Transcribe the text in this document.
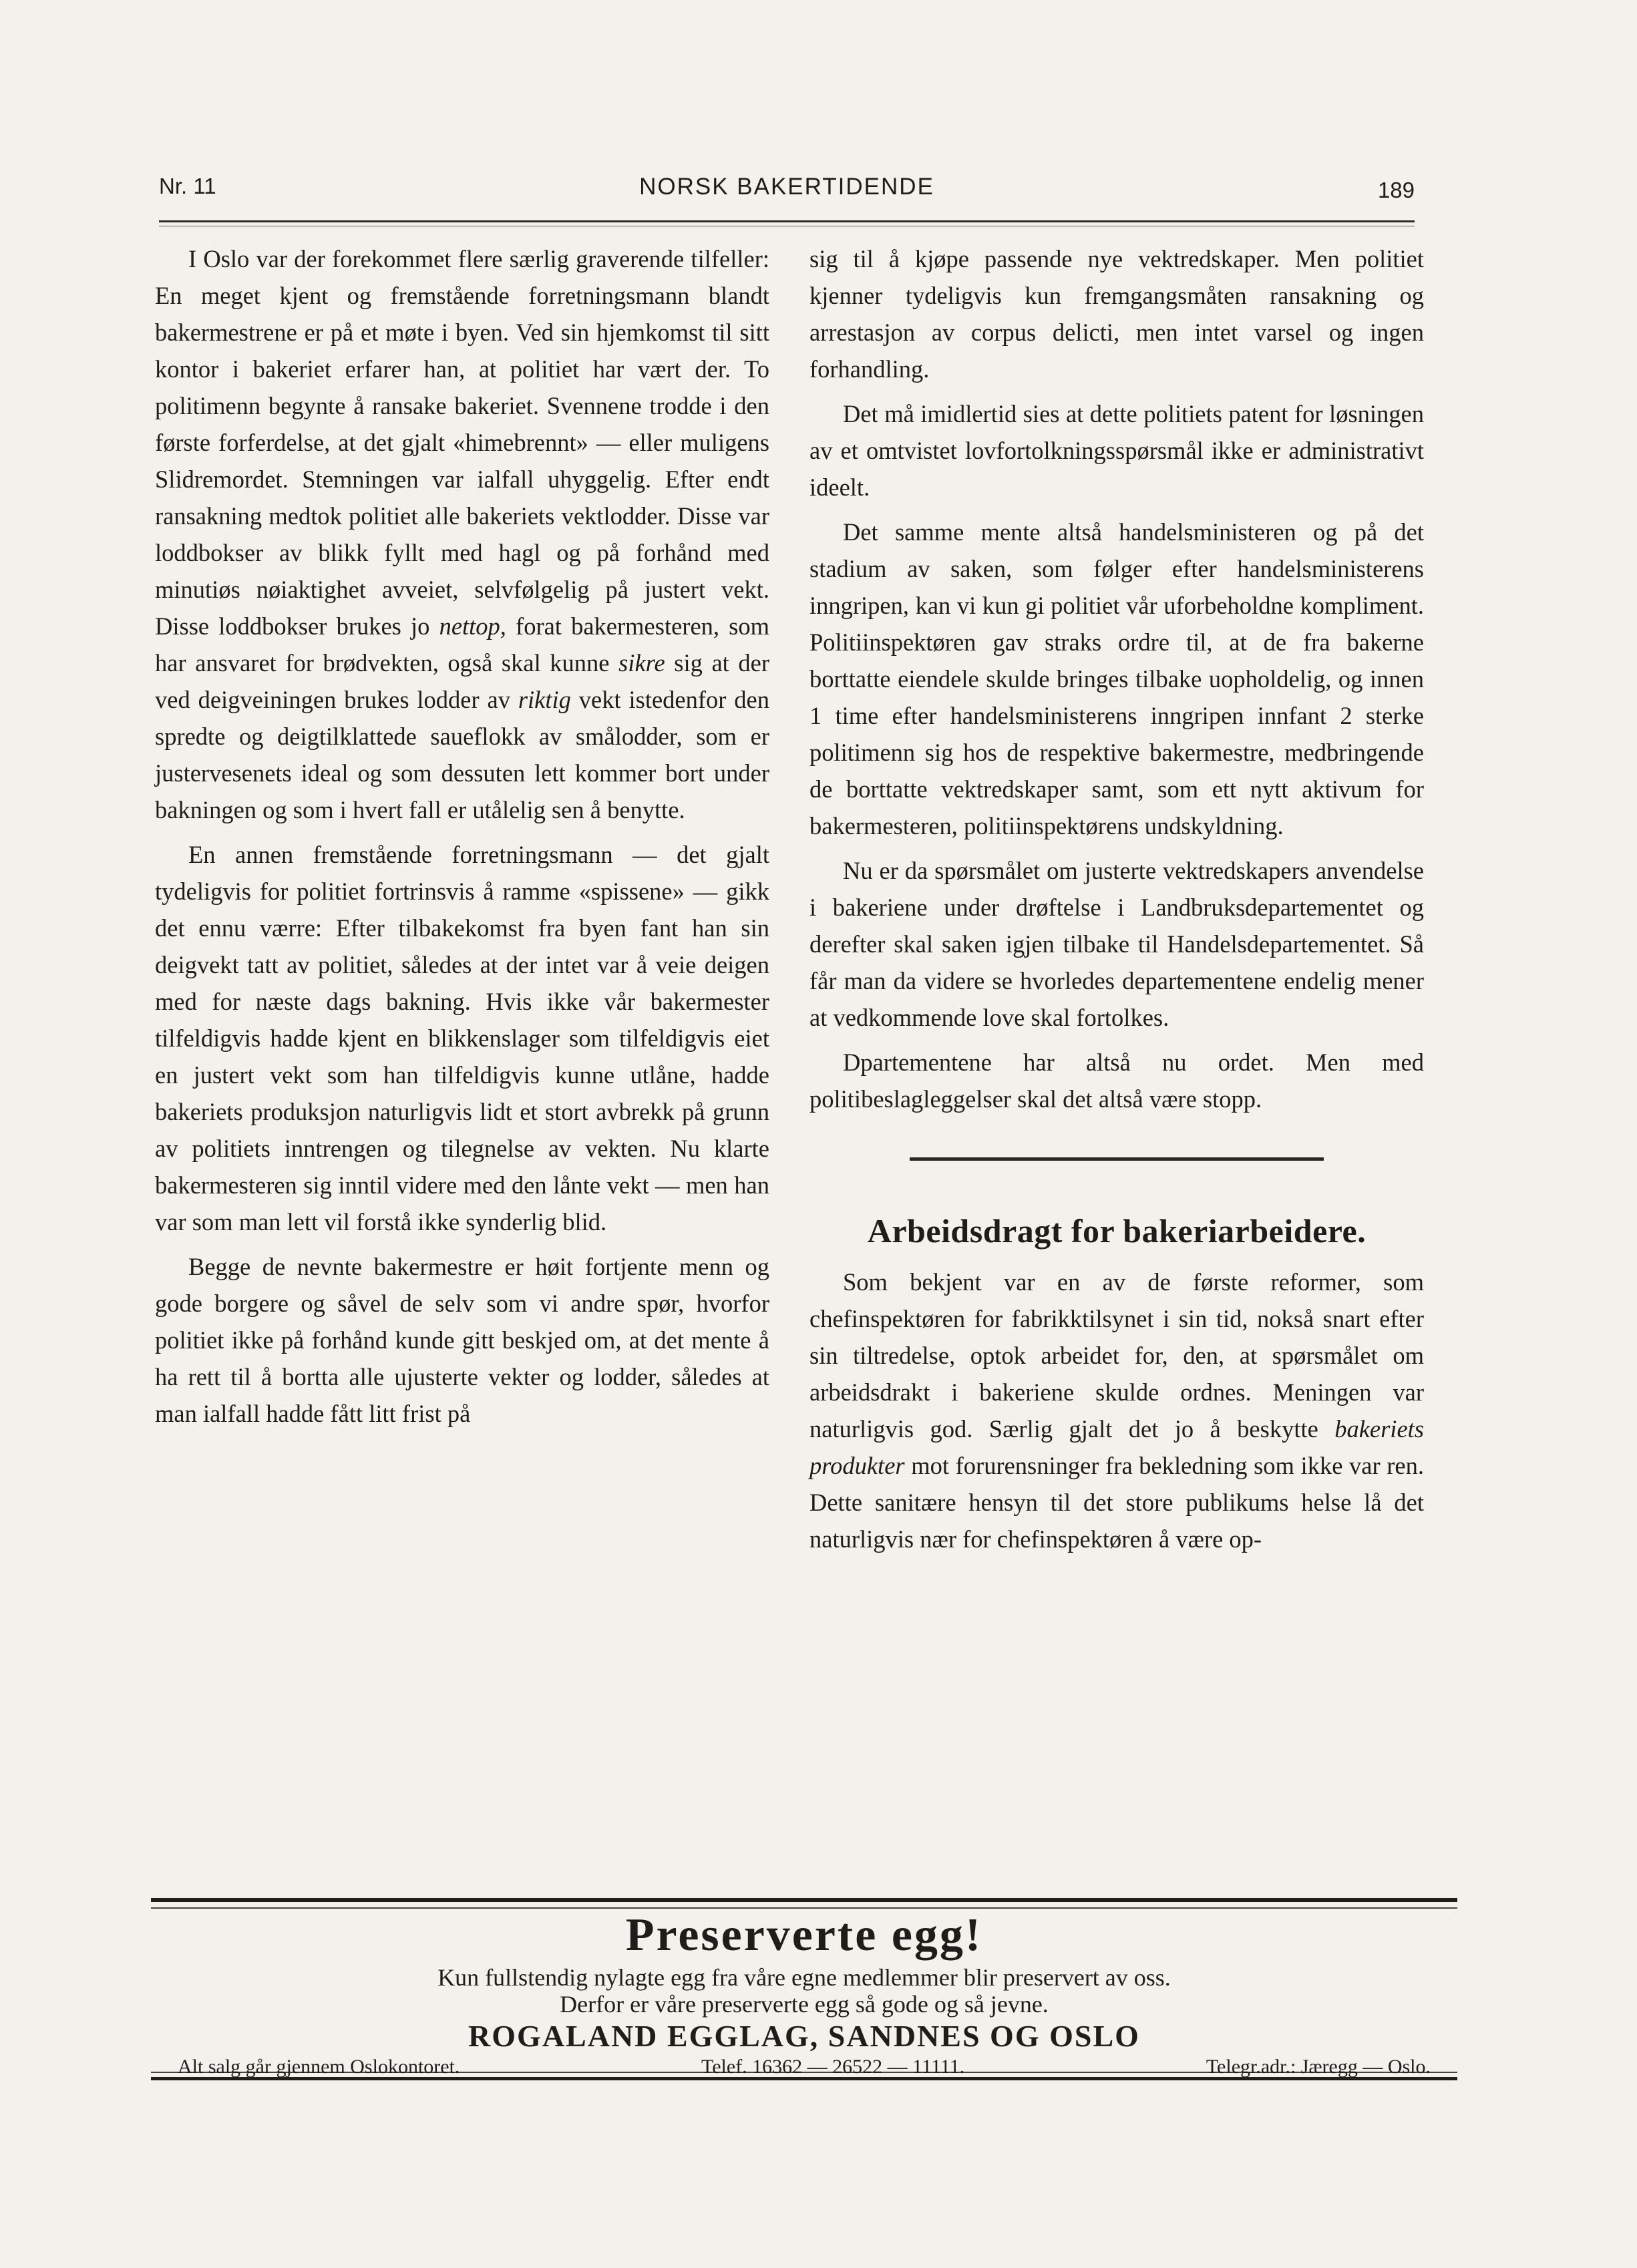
Nr. 11	NORSK BAKERTIDENDE	189

I Oslo var der forekommet flere særlig graverende tilfeller: En meget kjent og fremstående forretningsmann blandt bakermestrene er på et møte i byen. Ved sin hjemkomst til sitt kontor i bakeriet erfarer han, at politiet har vært der. To politimenn begynte å ransake bakeriet. Svennene trodde i den første forferdelse, at det gjalt «himebrennt» — eller muligens Slidremordet. Stemningen var ialfall uhyggelig. Efter endt ransakning medtok politiet alle bakeriets vektlodder. Disse var loddbokser av blikk fyllt med hagl og på forhånd med minutiøs nøiaktighet avveiet, selvfølgelig på justert vekt. Disse loddbokser brukes jo nettop, forat bakermesteren, som har ansvaret for brødvekten, også skal kunne sikre sig at der ved deigveiningen brukes lodder av riktig vekt istedenfor den spredte og deigtilklattede saueflokk av smålodder, som er justervesenets ideal og som dessuten lett kommer bort under bakningen og som i hvert fall er utålelig sen å benytte.

En annen fremstående forretningsmann — det gjalt tydeligvis for politiet fortrinsvis å ramme «spissene» — gikk det ennu værre: Efter tilbakekomst fra byen fant han sin deigvekt tatt av politiet, således at der intet var å veie deigen med for næste dags bakning. Hvis ikke vår bakermester tilfeldigvis hadde kjent en blikkenslager som tilfeldigvis eiet en justert vekt som han tilfeldigvis kunne utlåne, hadde bakeriets produksjon naturligvis lidt et stort avbrekk på grunn av politiets inntrengen og tilegnelse av vekten. Nu klarte bakermesteren sig inntil videre med den lånte vekt — men han var som man lett vil forstå ikke synderlig blid.

Begge de nevnte bakermestre er høit fortjente menn og gode borgere og såvel de selv som vi andre spør, hvorfor politiet ikke på forhånd kunde gitt beskjed om, at det mente å ha rett til å bortta alle ujusterte vekter og lodder, således at man ialfall hadde fått litt frist på

sig til å kjøpe passende nye vektredskaper. Men politiet kjenner tydeligvis kun fremgangsmåten ransakning og arrestasjon av corpus delicti, men intet varsel og ingen forhandling.

Det må imidlertid sies at dette politiets patent for løsningen av et omtvistet lovfortolkningsspørsmål ikke er administrativt ideelt.

Det samme mente altså handelsministeren og på det stadium av saken, som følger efter handelsministerens inngripen, kan vi kun gi politiet vår uforbeholdne kompliment. Politiinspektøren gav straks ordre til, at de fra bakerne borttatte eiendele skulde bringes tilbake uopholdelig, og innen 1 time efter handelsministerens inngripen innfant 2 sterke politimenn sig hos de respektive bakermestre, medbringende de borttatte vektredskaper samt, som ett nytt aktivum for bakermesteren, politiinspektørens undskyldning.

Nu er da spørsmålet om justerte vektredskapers anvendelse i bakeriene under drøftelse i Landbruksdepartementet og derefter skal saken igjen tilbake til Handelsdepartementet. Så får man da videre se hvorledes departementene endelig mener at vedkommende love skal fortolkes.

Dpartementene har altså nu ordet. Men med politibeslagleggelser skal det altså være stopp.

Arbeidsdragt for bakeriarbeidere.

Som bekjent var en av de første reformer, som chefinspektøren for fabrikktilsynet i sin tid, nokså snart efter sin tiltredelse, optok arbeidet for, den, at spørsmålet om arbeidsdrakt i bakeriene skulde ordnes. Meningen var naturligvis god. Særlig gjalt det jo å beskytte bakeriets produkter mot forurensninger fra bekledning som ikke var ren. Dette sanitære hensyn til det store publikums helse lå det naturligvis nær for chefinspektøren å være op-

Preserverte egg!
Kun fullstendig nylagte egg fra våre egne medlemmer blir preservert av oss.
Derfor er våre preserverte egg så gode og så jevne.
ROGALAND EGGLAG, SANDNES OG OSLO
Alt salg går gjennem Oslokontoret.	Telef. 16362 — 26522 — 11111.	Telegr.adr.: Jæregg — Oslo.
